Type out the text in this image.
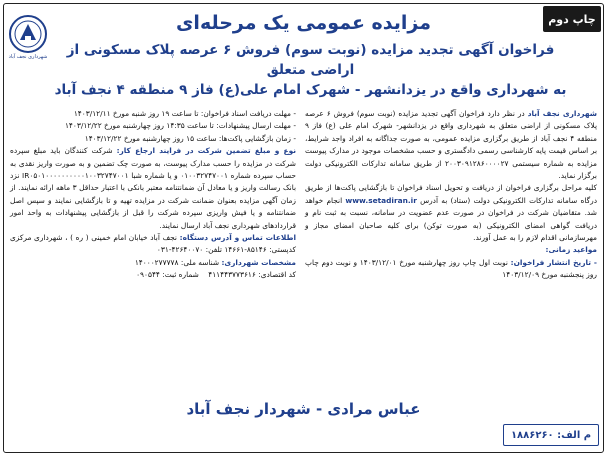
چاپ دوم
شهرداری نجف آباد
مزایده عمومی یک مرحله‌ای
فراخوان آگهی تجدید مزایده (نوبت سوم) فروش ۶ عرصه پلاک مسکونی از اراضی متعلق
به شهرداری واقع در یزدانشهر - شهرک امام علی(ع) فاز ۹ منطقه ۴ نجف آباد
شهرداری نجف آباد در نظر دارد فراخوان آگهی تجدید مزایده (نوبت سوم) فروش ۶ عرصه پلاک مسکونی از اراضی متعلق به شهرداری واقع در یزدانشهر- شهرک امام علی (ع) فاز ۹ منطقه ۴ نجف آباد از طریق برگزاری مزایده عمومی، به صورت جداگانه به افراد واجد شرایط، بر اساس قیمت پایه کارشناسی رسمی دادگستری و حسب مشخصات موجود در مدارک پیوست مزایده به شماره سیستمی ۲۰۰۳۰۹۱۲۸۶۰۰۰۰۲۷ از طریق سامانه تدارکات الکترونیکی دولت برگزار نماید.
کلیه مراحل برگزاری فراخوان از دریافت و تحویل اسناد فراخوان تا بازگشایی پاکت‌ها از طریق درگاه سامانه تدارکات الکترونیکی دولت (ستاد) به آدرس www.setadiran.ir انجام خواهد شد. متقاضیان شرکت در فراخوان در صورت عدم عضویت در سامانه، نسبت به ثبت نام و دریافت گواهی امضای الکترونیکی (به صورت توکن) برای کلیه صاحبان امضای مجاز و مهرسازمانی اقدام لازم را به عمل آورند.

مواعید زمانی:
- تاریخ انتشار فراخوان: نوبت اول چاپ روز چهارشنبه مورخ ۱۴۰۳/۱۲/۰۱ و نوبت دوم چاپ روز پنجشنبه مورخ ۱۴۰۳/۱۲/۰۹
- مهلت دریافت اسناد فراخوان: تا ساعت ۱۹ روز شنبه مورخ ۱۴۰۳/۱۲/۱۱
- مهلت ارسال پیشنهادات: تا ساعت ۱۴:۳۵ روز چهارشنبه مورخ ۱۴۰۳/۱۲/۲۲
- زمان بازگشایی پاکت‌ها: ساعت ۱۵ روز چهارشنبه مورخ ۱۴۰۳/۱۲/۲۲
نوع و مبلغ تضمین شرکت در فرایند ارجاع کار: شرکت کنندگان باید مبلغ سپرده شرکت در مزایده را حسب مدارک پیوست، به صورت چک تضمین و به صورت واریز نقدی به حساب سپرده شماره ۰۱۰۰۳۲۷۴۷۰۰۱ و یا شماره شبا IR۰۵۰۱۰۰۰۰۰۰۰۰۰۰۱۰۰۳۲۷۴۷۰۰۱ نزد بانک رسالت واریز و یا معادل آن ضمانتنامه معتبر بانکی با اعتبار حداقل ۳ ماهه ارائه نمایند. از زمان آگهی مزایده بعنوان ضمانت شرکت در مزایده تهیه و تا بازگشایی نمایند و سپس اصل ضمانتنامه و یا فیش واریزی سپرده شرکت را قبل از بازگشایی پیشنهادات به واحد امور قراردادهای شهرداری نجف آباد ارسال نمایند.
اطلاعات تماس و آدرس دستگاه: نجف آباد خیابان امام خمینی ( ره ) ، شهرداری مرکزی کدپستی: ۸۵۱۴۶-۱۴۶۶۱ تلفن: ۴۲۶۴۰۰۷۰-۰۳۱
مشخصات شهرداری: شناسه ملی: ۱۴۰۰۰۲۷۷۷۷۸
کد اقتصادی: ۴۱۱۴۴۳۷۷۳۶۱۶    شماره ثبت: ۰۹۰۵۴۴
عباس مرادی - شهردار نجف آباد
م الف: ۱۸۸۶۲۶۰
